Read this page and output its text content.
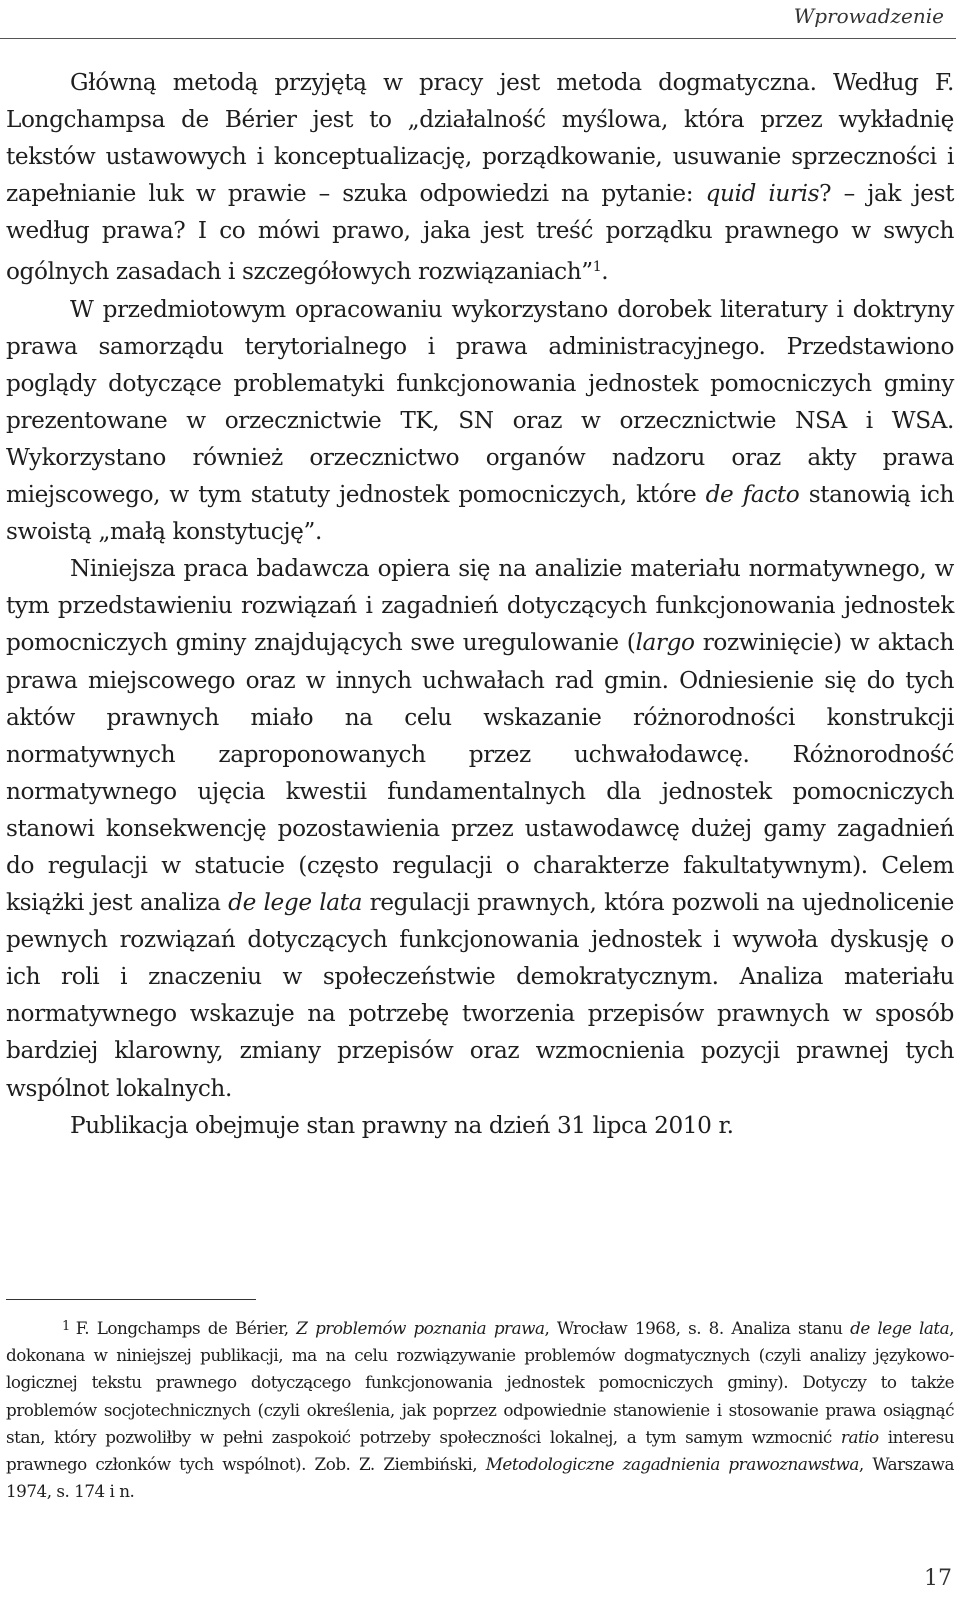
Wprowadzenie

Główną metodą przyjętą w pracy jest metoda dogmatyczna. Według F. Longchampsa de Bérier jest to „działalność myślowa, która przez wykładnię tekstów ustawowych i konceptualizację, porządkowanie, usuwanie sprzeczności i zapełnianie luk w prawie – szuka odpowiedzi na pytanie: quid iuris? – jak jest według prawa? I co mówi prawo, jaka jest treść porządku prawnego w swych ogólnych zasadach i szczegółowych rozwiązaniach”$^1$.

W przedmiotowym opracowaniu wykorzystano dorobek literatury i doktryny prawa samorządu terytorialnego i prawa administracyjnego. Przedstawiono poglądy dotyczące problematyki funkcjonowania jednostek pomocniczych gminy prezentowane w orzecznictwie TK, SN oraz w orzecznictwie NSA i WSA. Wykorzystano również orzecznictwo organów nadzoru oraz akty prawa miejscowego, w tym statuty jednostek pomocniczych, które de facto stanowią ich swoistą „małą konstytucję”.

Niniejsza praca badawcza opiera się na analizie materiału normatywnego, w tym przedstawieniu rozwiązań i zagadnień dotyczących funkcjonowania jednostek pomocniczych gminy znajdujących swe uregulowanie (largo rozwinięcie) w aktach prawa miejscowego oraz w innych uchwałach rad gmin. Odniesienie się do tych aktów prawnych miało na celu wskazanie różnorodności konstrukcji normatywnych zaproponowanych przez uchwałodawcę. Różnorodność normatywnego ujęcia kwestii fundamentalnych dla jednostek pomocniczych stanowi konsekwencję pozostawienia przez ustawodawcę dużej gamy zagadnień do regulacji w statucie (często regulacji o charakterze fakultatywnym). Celem książki jest analiza de lege lata regulacji prawnych, która pozwoli na ujednolicenie pewnych rozwiązań dotyczących funkcjonowania jednostek i wywoła dyskusję o ich roli i znaczeniu w społeczeństwie demokratycznym. Analiza materiału normatywnego wskazuje na potrzebę tworzenia przepisów prawnych w sposób bardziej klarowny, zmiany przepisów oraz wzmocnienia pozycji prawnej tych wspólnot lokalnych.

Publikacja obejmuje stan prawny na dzień 31 lipca 2010 r.

$^1$ F. Longchamps de Bérier, Z problemów poznania prawa, Wrocław 1968, s. 8. Analiza stanu de lege lata, dokonana w niniejszej publikacji, ma na celu rozwiązywanie problemów dogmatycznych (czyli analizy językowo-logicznej tekstu prawnego dotyczącego funkcjonowania jednostek pomocniczych gminy). Dotyczy to także problemów socjotechnicznych (czyli określenia, jak poprzez odpowiednie stanowienie i stosowanie prawa osiągnąć stan, który pozwoliłby w pełni zaspokoić potrzeby społeczności lokalnej, a tym samym wzmocnić ratio interesu prawnego członków tych wspólnot). Zob. Z. Ziembiński, Metodologiczne zagadnienia prawoznawstwa, Warszawa 1974, s. 174 i n.

17
